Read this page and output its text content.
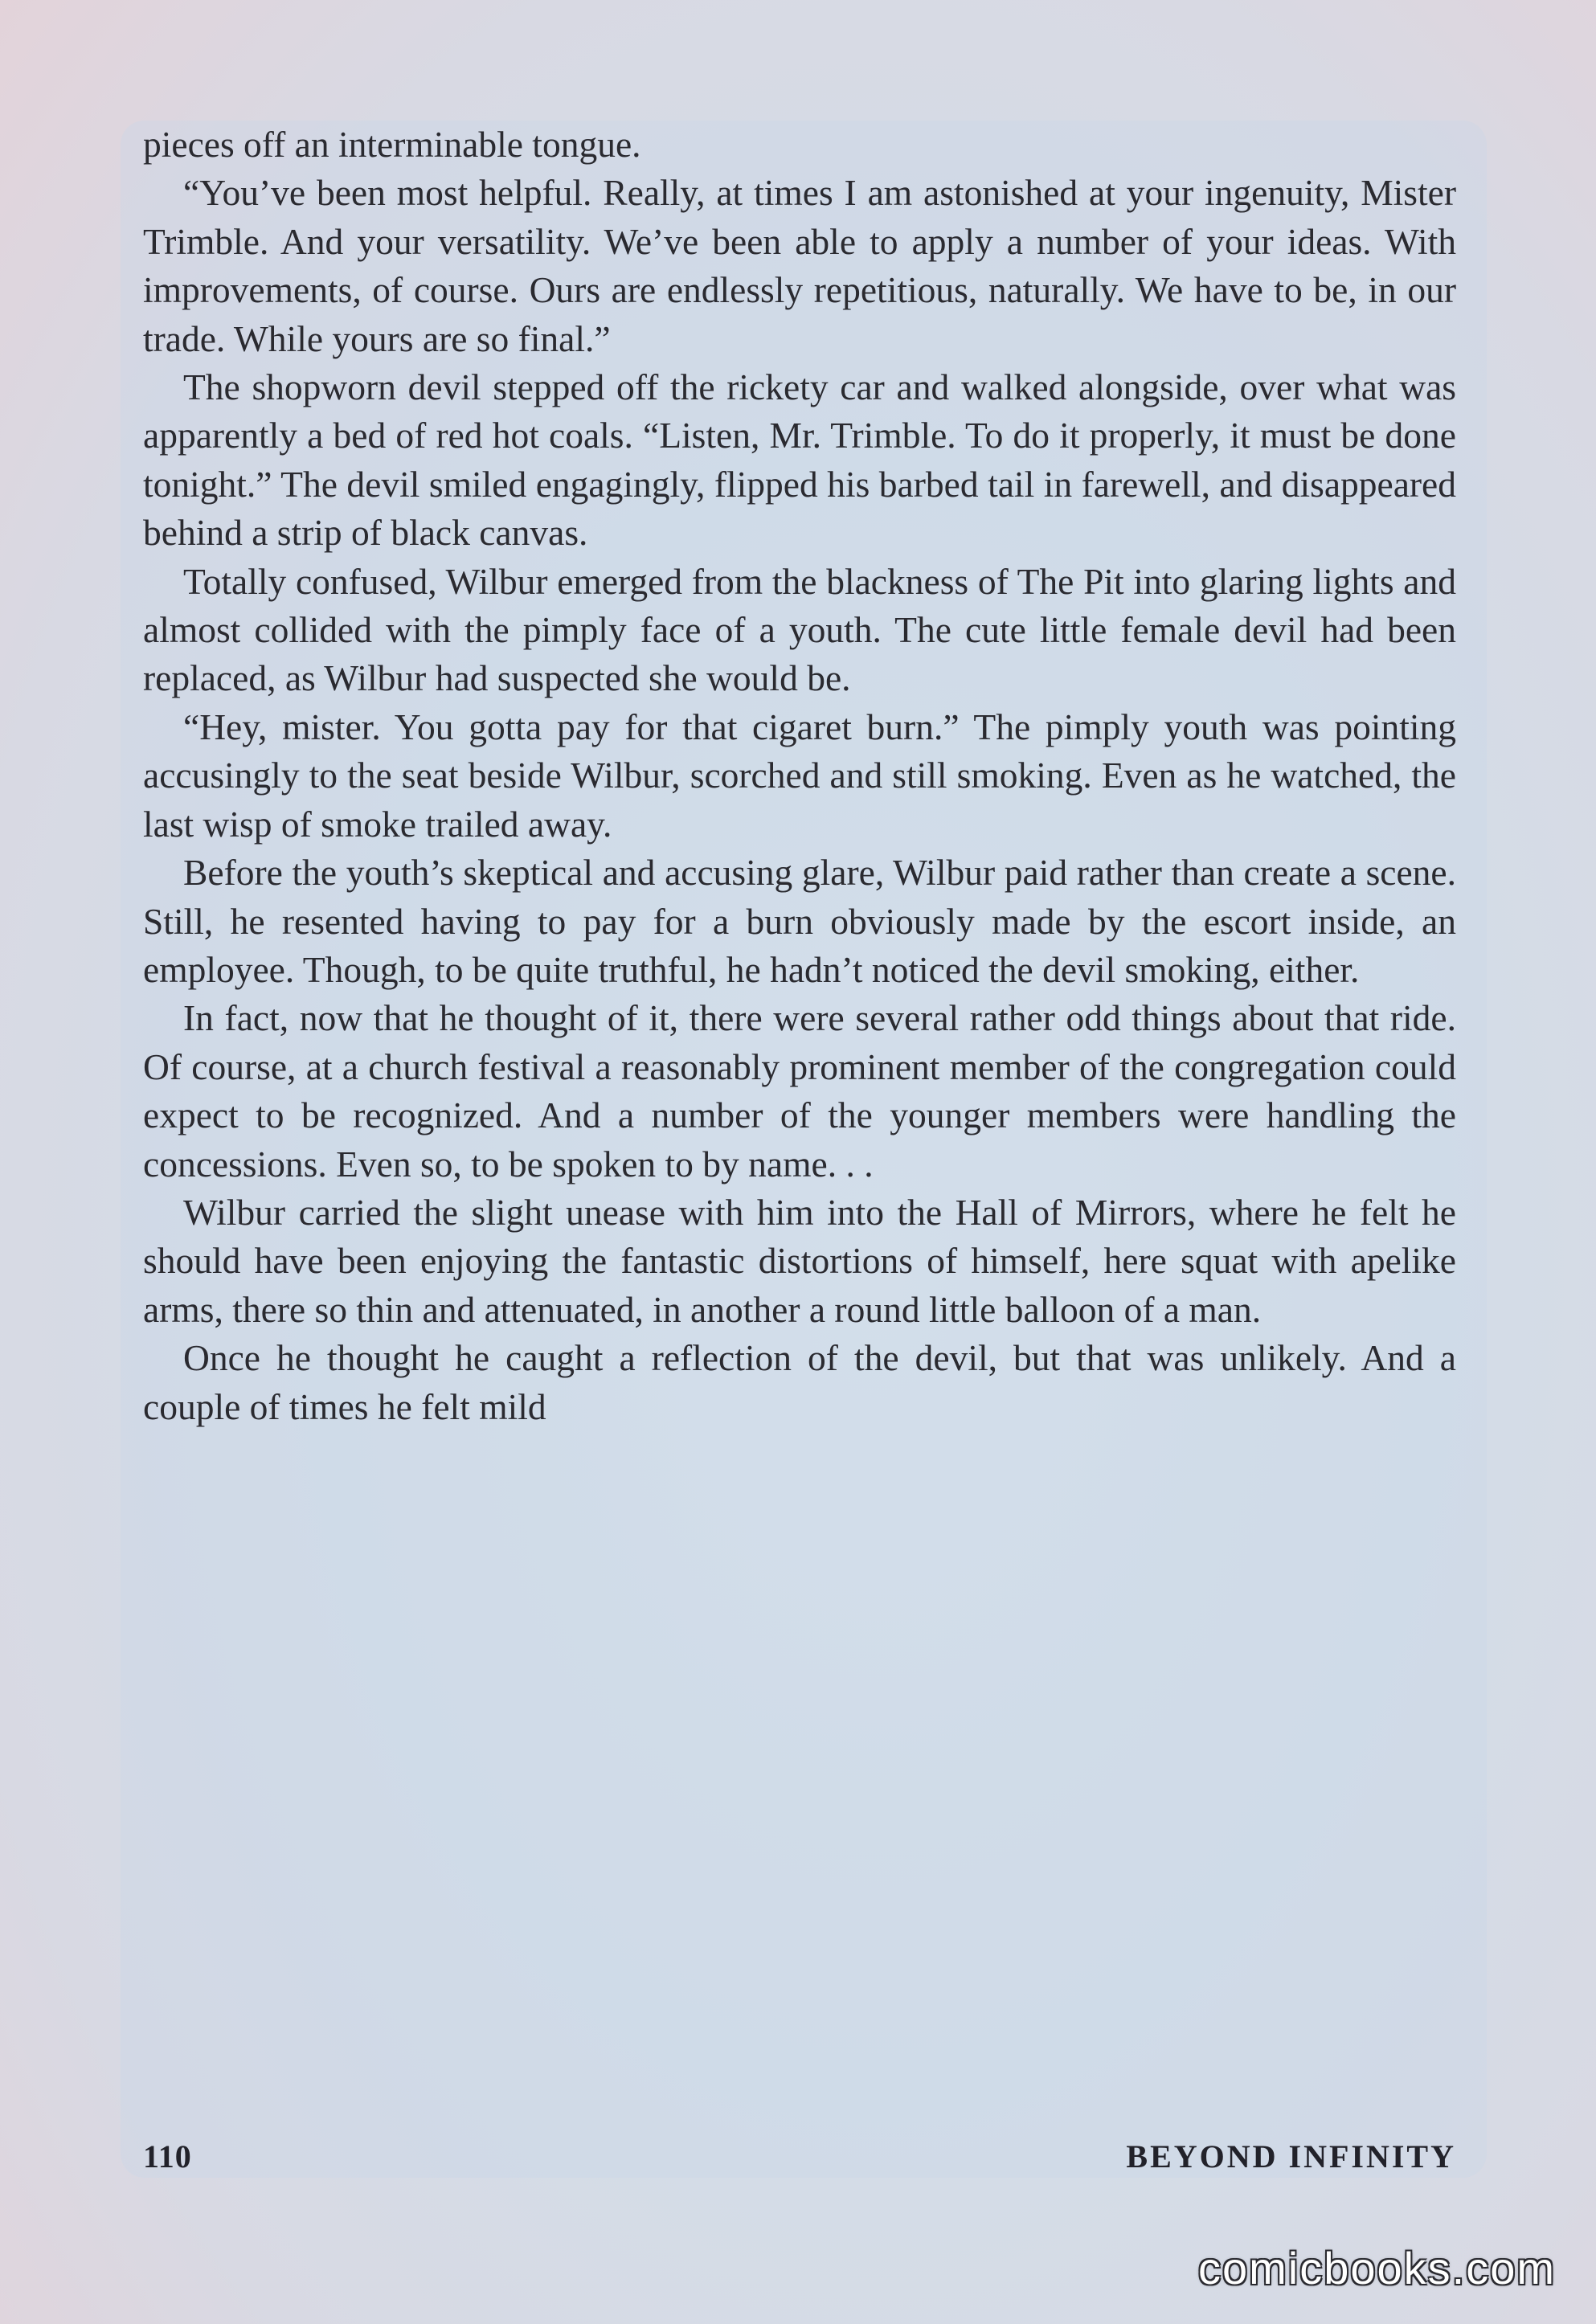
pieces off an interminable tongue.

“You’ve been most helpful. Really, at times I am astonished at your ingenuity, Mister Trimble. And your versatility. We’ve been able to apply a number of your ideas. With improvements, of course. Ours are endlessly repetitious, naturally. We have to be, in our trade. While yours are so final.”

The shopworn devil stepped off the rickety car and walked alongside, over what was apparently a bed of red hot coals. “Listen, Mr. Trimble. To do it properly, it must be done tonight.” The devil smiled engagingly, flipped his barbed tail in farewell, and disappeared behind a strip of black canvas.

Totally confused, Wilbur emerged from the blackness of The Pit into glaring lights and almost collided with the pimply face of a youth. The cute little female devil had been replaced, as Wilbur had suspected she would be.

“Hey, mister. You gotta pay for that cigaret burn.” The pimply youth was pointing accusingly to the seat beside Wilbur, scorched and still smoking. Even as he watched, the last wisp of smoke trailed away.

Before the youth’s skeptical and accusing glare, Wilbur paid rather than create a scene. Still, he resented having to pay for a burn obviously made by the escort inside, an employee. Though, to be quite truthful, he hadn’t noticed the devil smoking, either.

In fact, now that he thought of it, there were several rather odd things about that ride. Of course, at a church festival a reasonably prominent member of the congregation could expect to be recognized. And a number of the younger members were handling the concessions. Even so, to be spoken to by name. . .

Wilbur carried the slight unease with him into the Hall of Mirrors, where he felt he should have been enjoying the fantastic distortions of himself, here squat with apelike arms, there so thin and attenuated, in another a round little balloon of a man.

Once he thought he caught a reflection of the devil, but that was unlikely. And a couple of times he felt mild

110	BEYOND INFINITY
comicbooks.com
